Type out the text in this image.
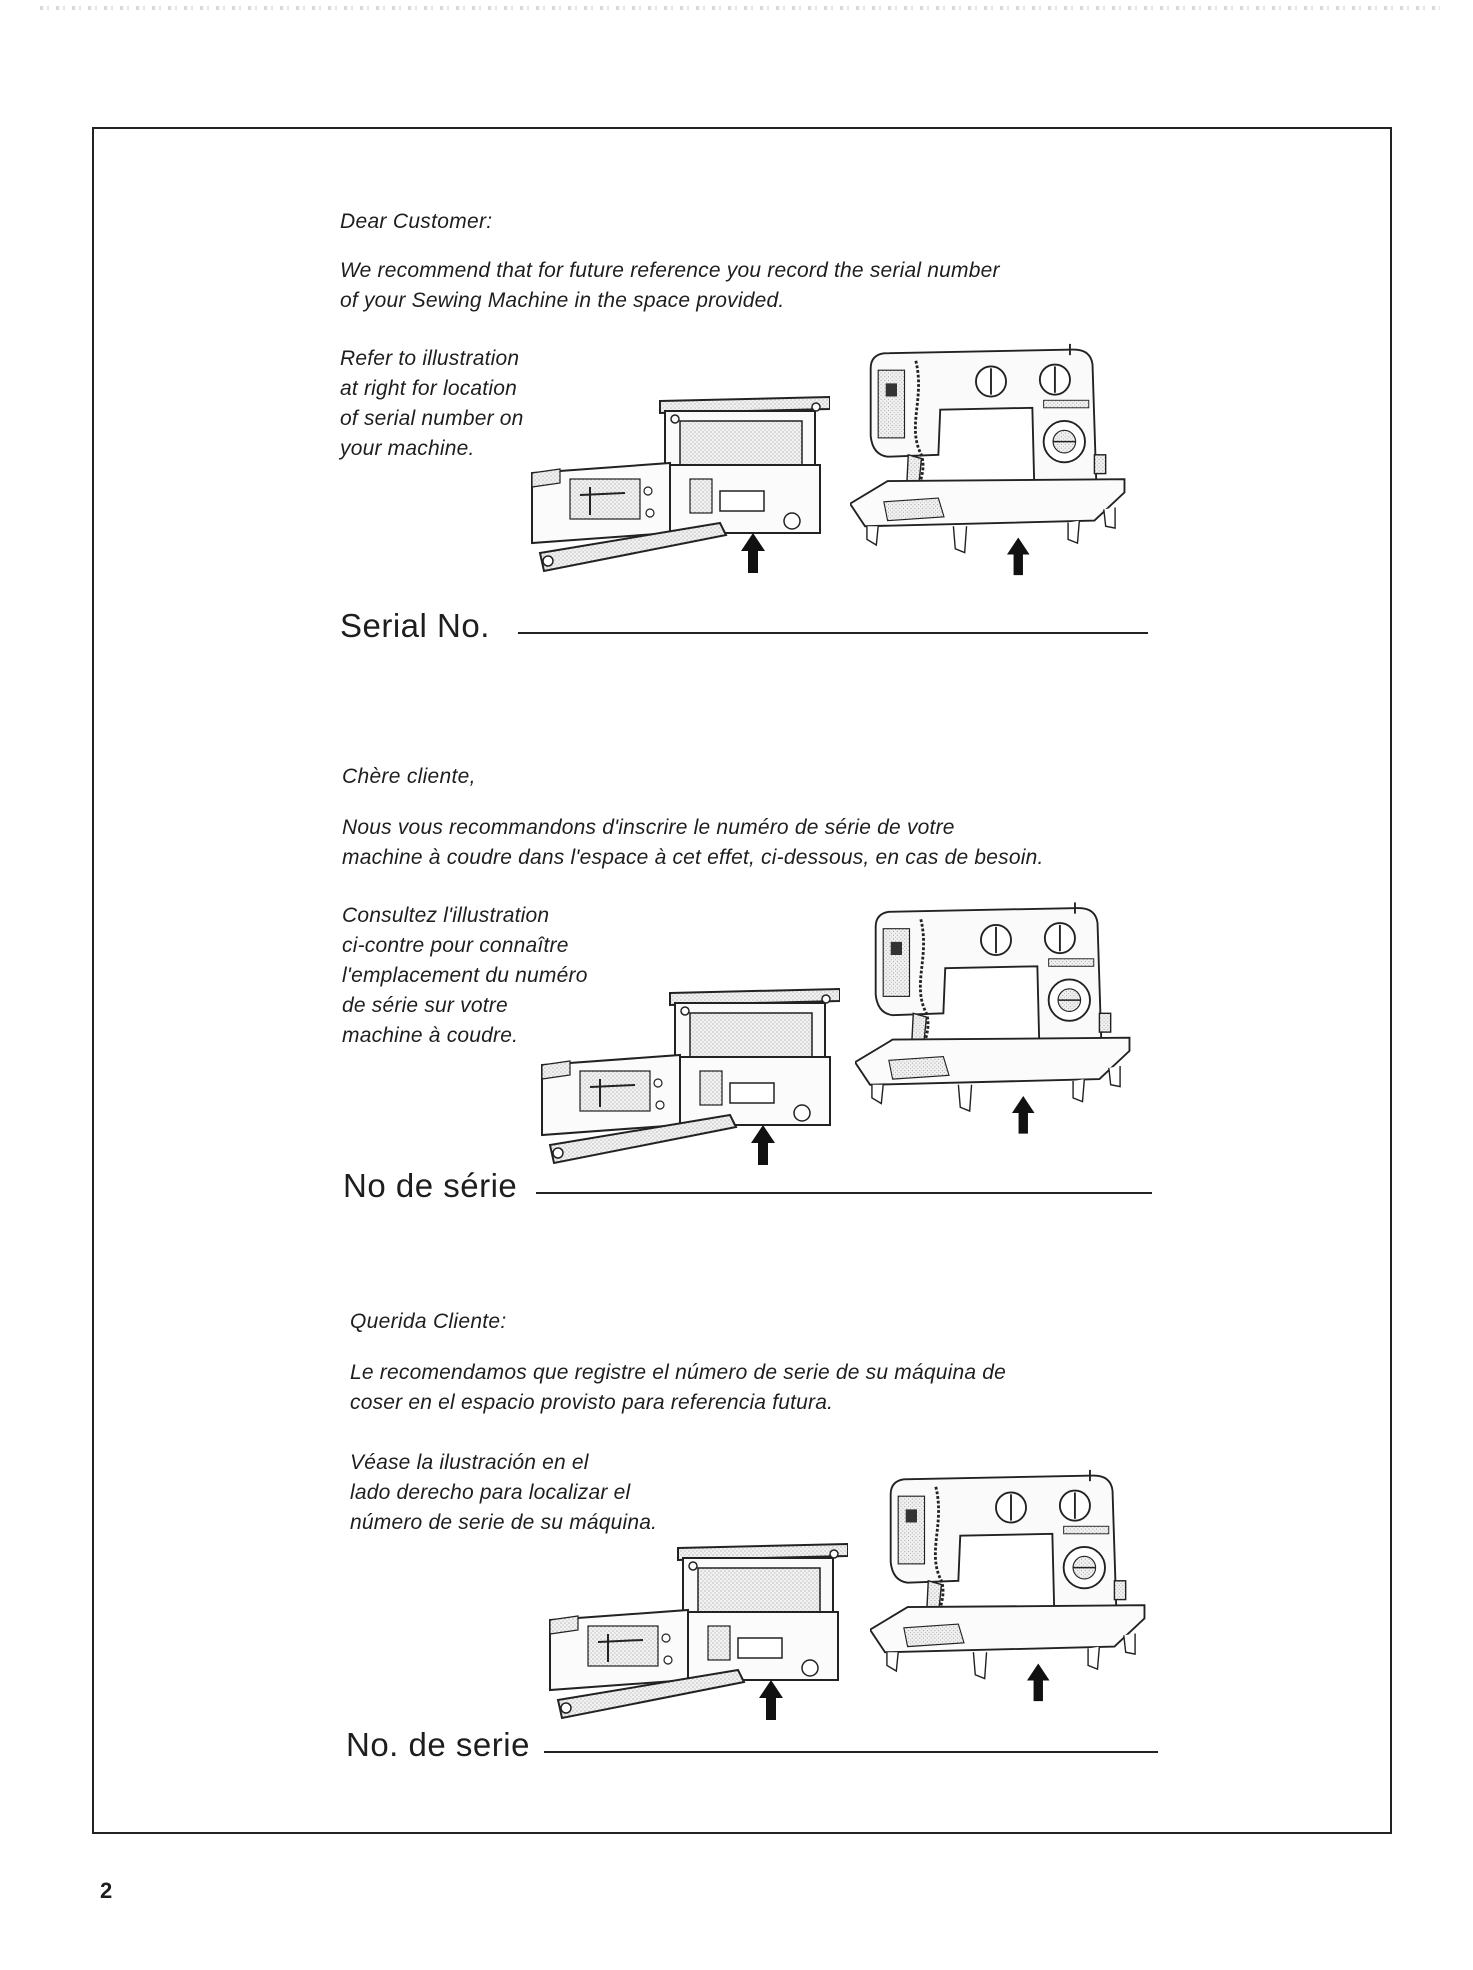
Dear Customer:
We recommend that for future reference you record the serial number
of your Sewing Machine in the space provided.
Refer to illustration
at right for location
of serial number on
your machine.
Serial No.
Chère cliente,
Nous vous recommandons d'inscrire le numéro de série de votre
machine à coudre dans l'espace à cet effet, ci-dessous, en cas de besoin.
Consultez l'illustration
ci-contre pour connaître
l'emplacement du numéro
de série sur votre
machine à coudre.
No de série
Querida Cliente:
Le recomendamos que registre el número de serie de su máquina de
coser en el espacio provisto para referencia futura.
Véase la ilustración en el
lado derecho para localizar el
número de serie de su máquina.
No. de serie
2
